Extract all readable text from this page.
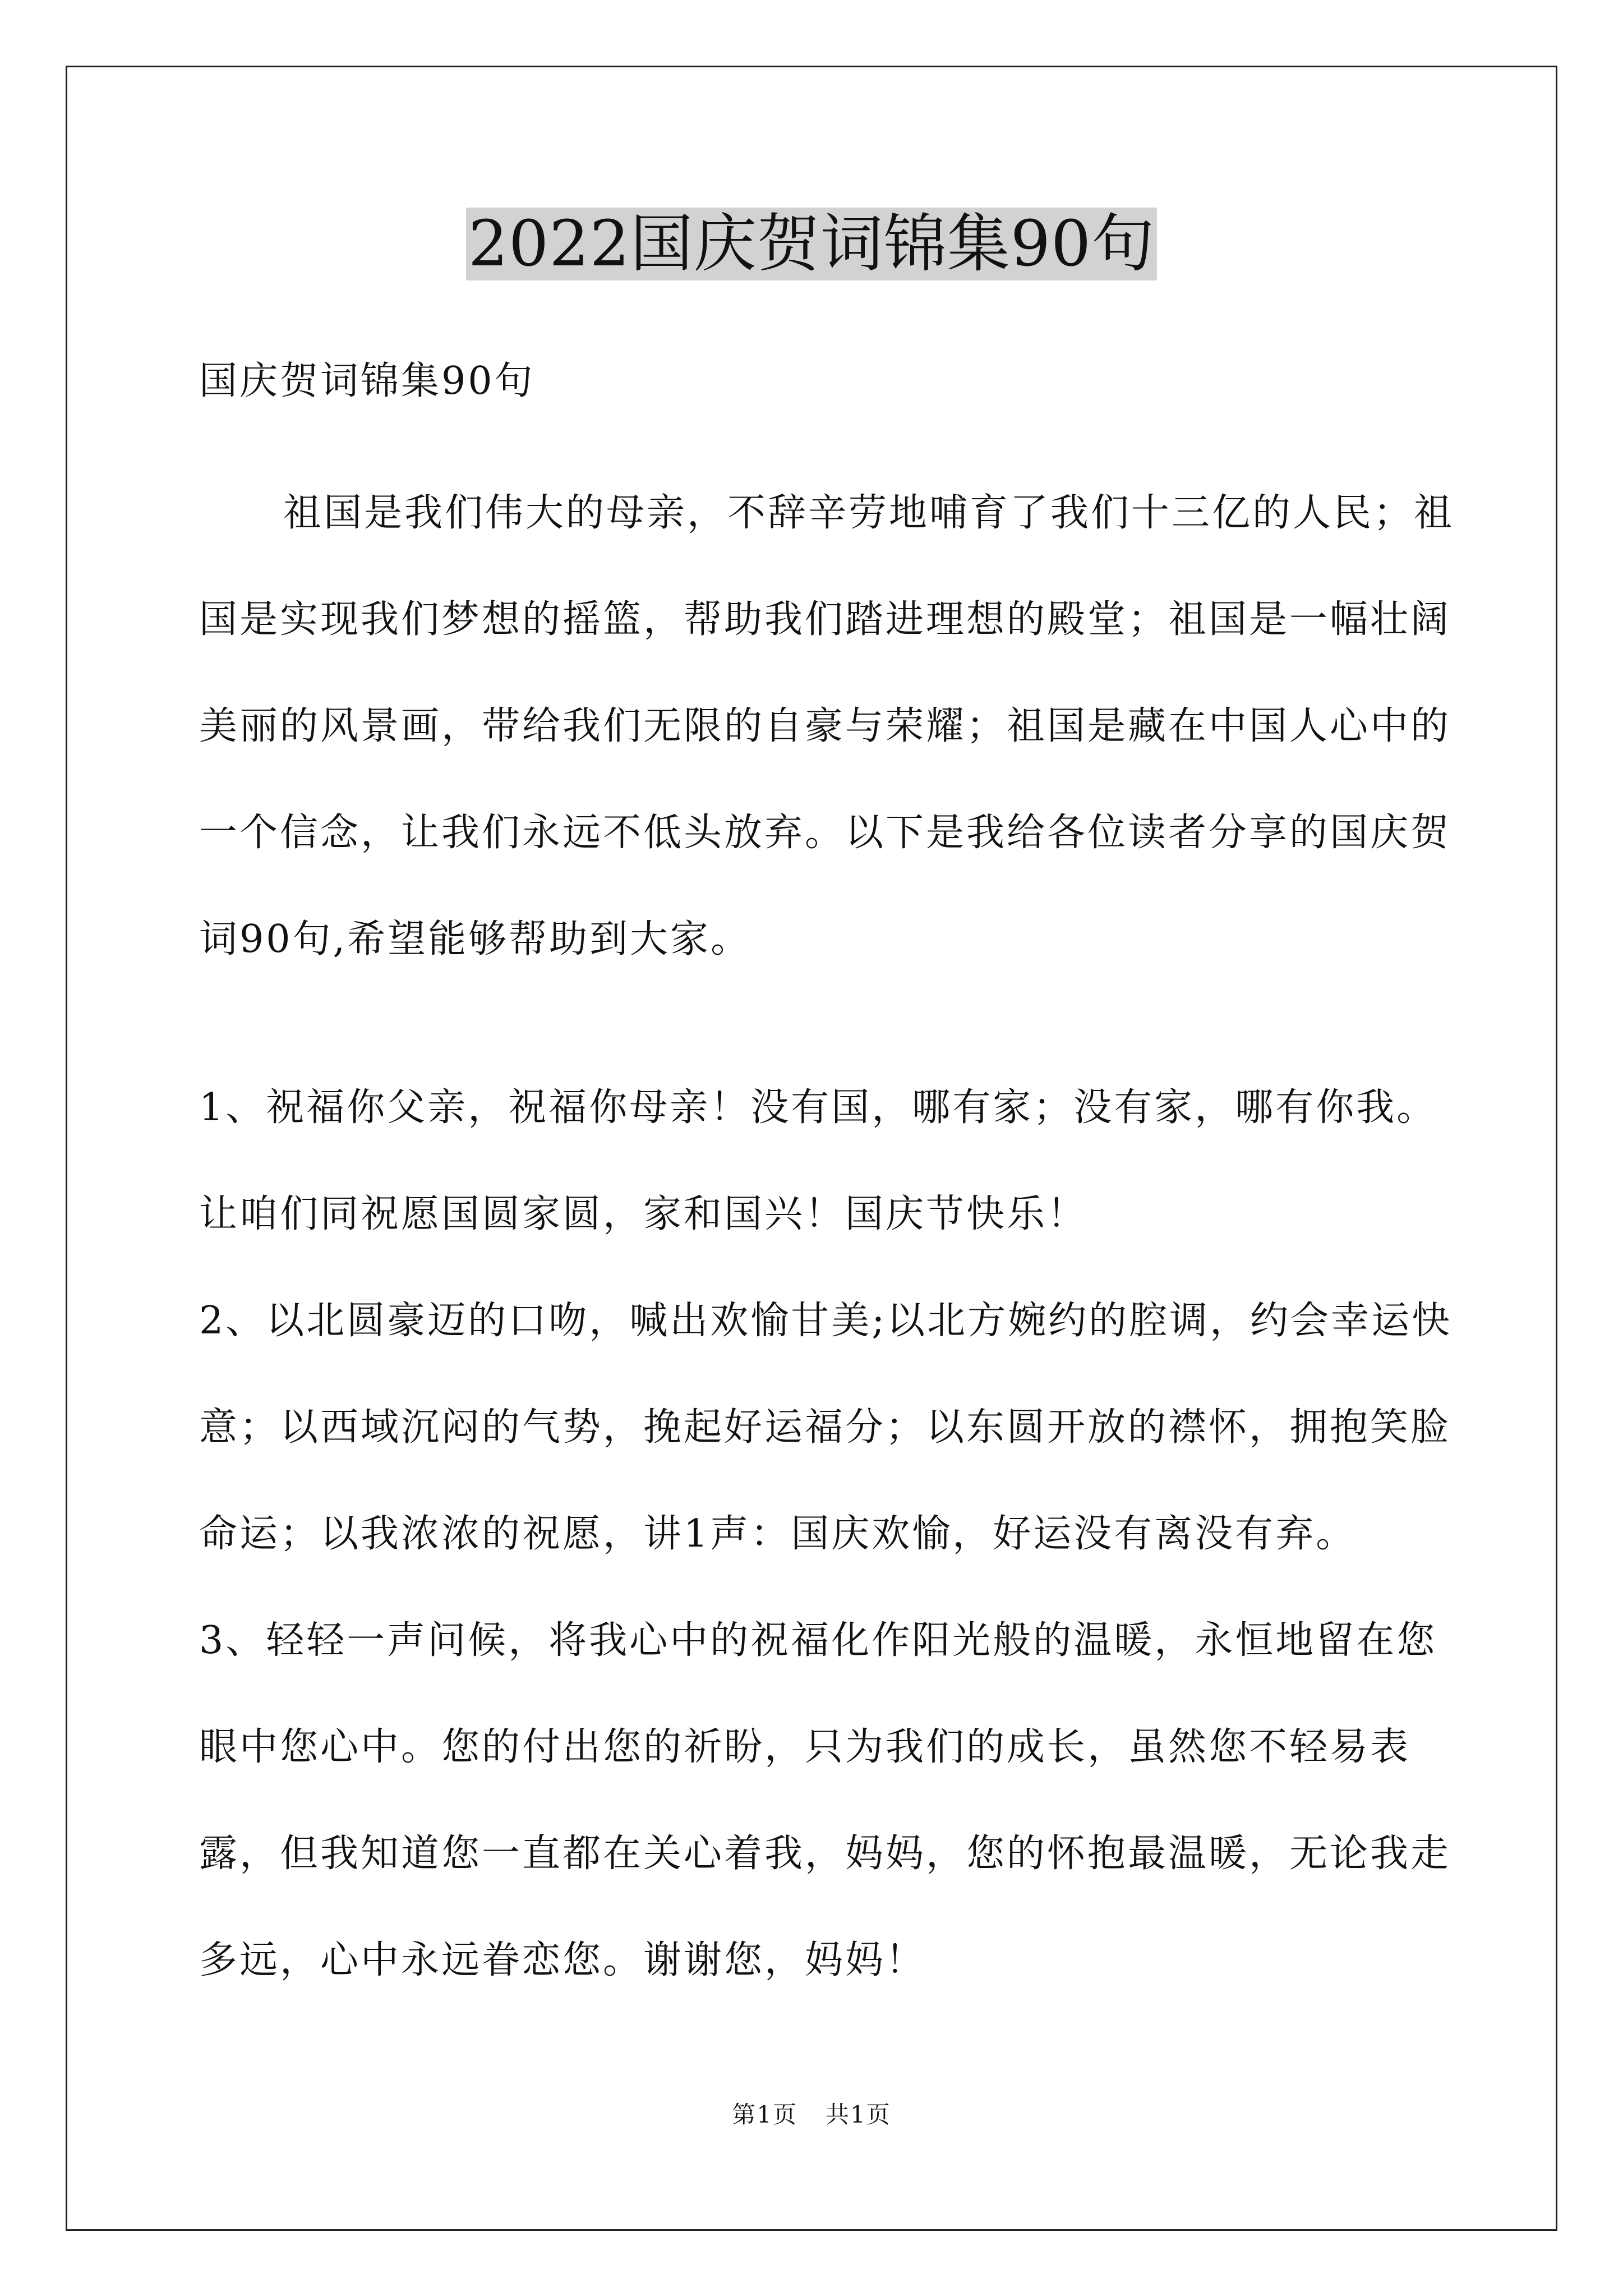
2022国庆贺词锦集90句
国庆贺词锦集90句
祖国是我们伟大的母亲，不辞辛劳地哺育了我们十三亿的人民；祖国是实现我们梦想的摇篮，帮助我们踏进理想的殿堂；祖国是一幅壮阔美丽的风景画，带给我们无限的自豪与荣耀；祖国是藏在中国人心中的一个信念，让我们永远不低头放弃。以下是我给各位读者分享的国庆贺词90句,希望能够帮助到大家。

1、祝福你父亲，祝福你母亲！没有国，哪有家；没有家，哪有你我。让咱们同祝愿国圆家圆，家和国兴！国庆节快乐！

2、以北圆豪迈的口吻，喊出欢愉甘美;以北方婉约的腔调，约会幸运快意；以西域沉闷的气势，挽起好运福分；以东圆开放的襟怀，拥抱笑脸命运；以我浓浓的祝愿，讲1声：国庆欢愉，好运没有离没有弃。

3、轻轻一声问候，将我心中的祝福化作阳光般的温暖，永恒地留在您眼中您心中。您的付出您的祈盼，只为我们的成长，虽然您不轻易表露，但我知道您一直都在关心着我，妈妈，您的怀抱最温暖，无论我走多远，心中永远眷恋您。谢谢您，妈妈！

第1页 共1页
